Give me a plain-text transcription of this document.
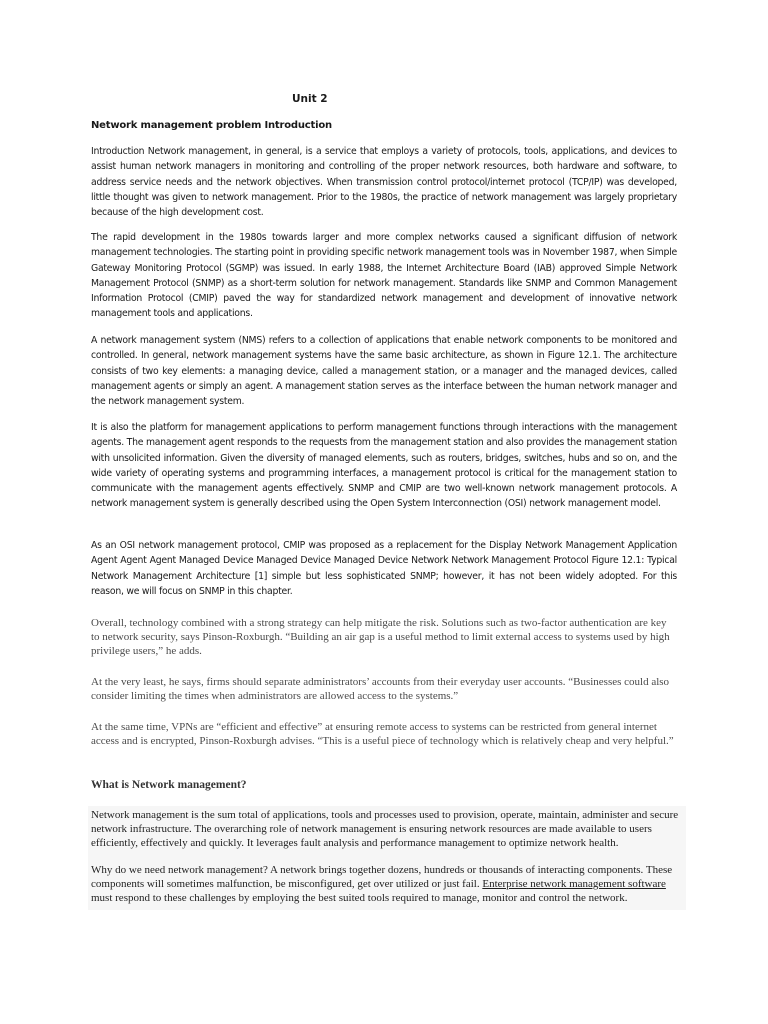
Unit 2
Network management problem Introduction

Introduction Network management, in general, is a service that employs a variety of protocols, tools, applications, and devices to assist human network managers in monitoring and controlling of the proper network resources, both hardware and software, to address service needs and the network objectives. When transmission control protocol/internet protocol (TCP/IP) was developed, little thought was given to network management. Prior to the 1980s, the practice of network management was largely proprietary because of the high development cost.

The rapid development in the 1980s towards larger and more complex networks caused a significant diffusion of network management technologies. The starting point in providing specific network management tools was in November 1987, when Simple Gateway Monitoring Protocol (SGMP) was issued. In early 1988, the Internet Architecture Board (IAB) approved Simple Network Management Protocol (SNMP) as a short-term solution for network management. Standards like SNMP and Common Management Information Protocol (CMIP) paved the way for standardized network management and development of innovative network management tools and applications.

A network management system (NMS) refers to a collection of applications that enable network components to be monitored and controlled. In general, network management systems have the same basic architecture, as shown in Figure 12.1. The architecture consists of two key elements: a managing device, called a management station, or a manager and the managed devices, called management agents or simply an agent. A management station serves as the interface between the human network manager and the network management system.

It is also the platform for management applications to perform management functions through interactions with the management agents. The management agent responds to the requests from the management station and also provides the management station with unsolicited information. Given the diversity of managed elements, such as routers, bridges, switches, hubs and so on, and the wide variety of operating systems and programming interfaces, a management protocol is critical for the management station to communicate with the management agents effectively. SNMP and CMIP are two well-known network management protocols. A network management system is generally described using the Open System Interconnection (OSI) network management model.

As an OSI network management protocol, CMIP was proposed as a replacement for the Display Network Management Application Agent Agent Agent Managed Device Managed Device Managed Device Network Network Management Protocol Figure 12.1: Typical Network Management Architecture [1] simple but less sophisticated SNMP; however, it has not been widely adopted. For this reason, we will focus on SNMP in this chapter.

Overall, technology combined with a strong strategy can help mitigate the risk. Solutions such as two-factor authentication are key to network security, says Pinson-Roxburgh. “Building an air gap is a useful method to limit external access to systems used by high privilege users,” he adds.

At the very least, he says, firms should separate administrators’ accounts from their everyday user accounts. “Businesses could also consider limiting the times when administrators are allowed access to the systems.”

At the same time, VPNs are “efficient and effective” at ensuring remote access to systems can be restricted from general internet access and is encrypted, Pinson-Roxburgh advises. “This is a useful piece of technology which is relatively cheap and very helpful.”

What is Network management?

Network management is the sum total of applications, tools and processes used to provision, operate, maintain, administer and secure network infrastructure. The overarching role of network management is ensuring network resources are made available to users efficiently, effectively and quickly. It leverages fault analysis and performance management to optimize network health.

Why do we need network management? A network brings together dozens, hundreds or thousands of interacting components. These components will sometimes malfunction, be misconfigured, get over utilized or just fail. Enterprise network management software must respond to these challenges by employing the best suited tools required to manage, monitor and control the network.
